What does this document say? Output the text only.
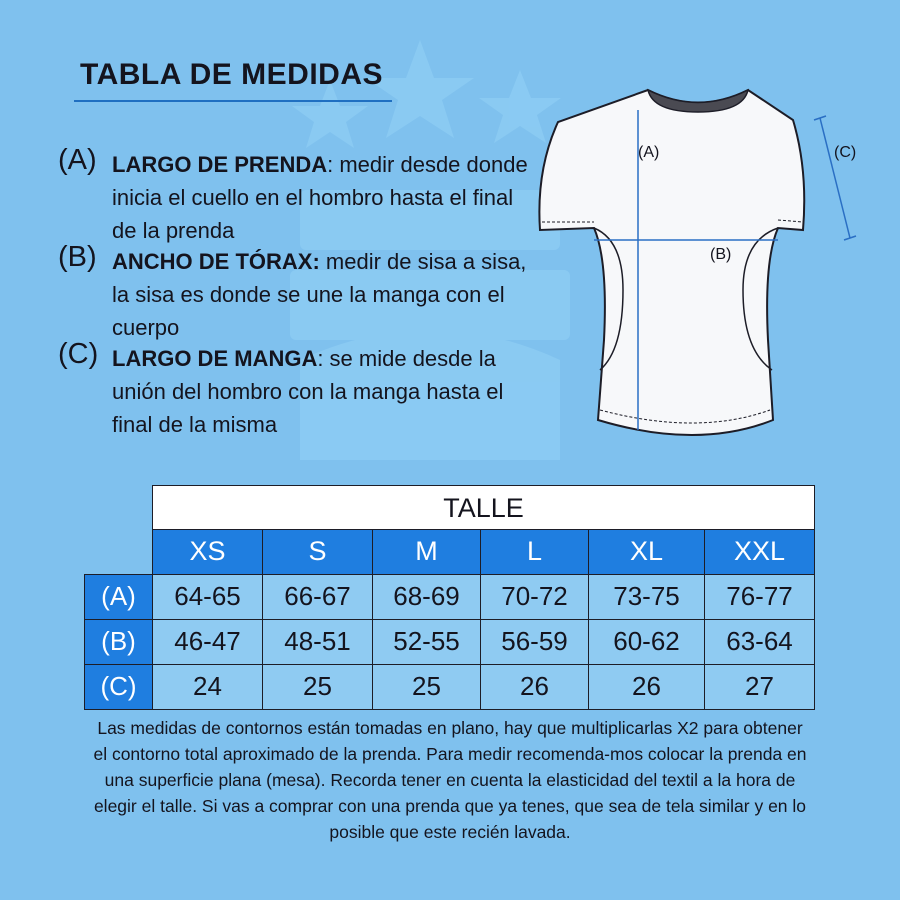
TABLA DE MEDIDAS
(A) LARGO DE PRENDA: medir desde donde inicia el cuello en el hombro hasta el final de la prenda
(B) ANCHO DE TÓRAX: medir de sisa a sisa, la sisa es donde se une la manga con el cuerpo
(C) LARGO DE MANGA: se mide desde la unión del hombro con la manga hasta el final de la misma
(A)
(B)
(C)
	TALLE					
	XS	S	M	L	XL	XXL
(A)	64-65	66-67	68-69	70-72	73-75	76-77
(B)	46-47	48-51	52-55	56-59	60-62	63-64
(C)	24	25	25	26	26	27
Las medidas de contornos están tomadas en plano, hay que multiplicarlas X2 para obtener el contorno total aproximado de la prenda. Para medir recomenda-mos colocar la prenda en una superficie plana (mesa). Recorda tener en cuenta la elasticidad del textil a la hora de elegir el talle. Si vas a comprar con una prenda que ya tenes, que sea de tela similar y en lo posible que este recién lavada.
